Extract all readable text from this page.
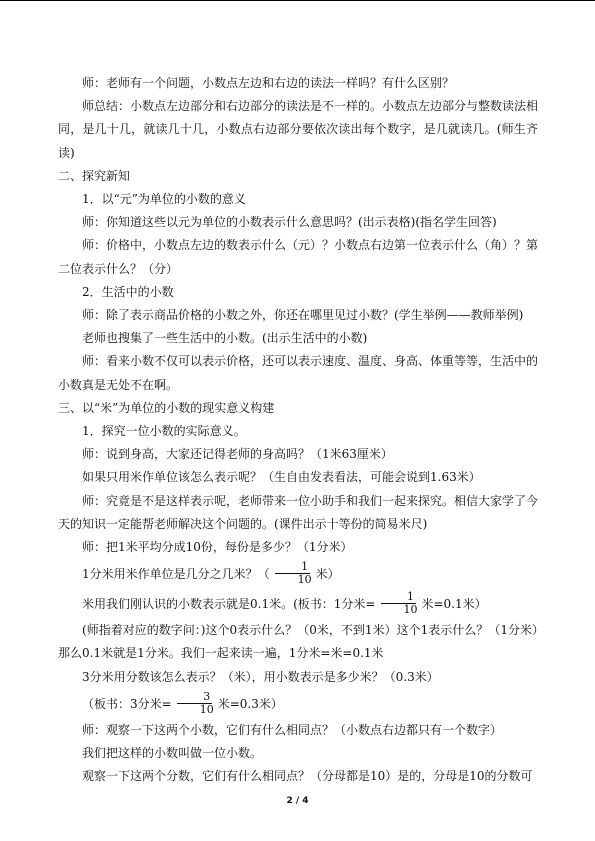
师：老师有一个问题，小数点左边和右边的读法一样吗？有什么区别？

师总结：小数点左边部分和右边部分的读法是不一样的。小数点左边部分与整数读法相同，是几十几，就读几十几，小数点右边部分要依次读出每个数字，是几就读几。(师生齐读)

二、探究新知

1．以“元”为单位的小数的意义

师：你知道这些以元为单位的小数表示什么意思吗？(出示表格)(指名学生回答)

师：价格中，小数点左边的数表示什么（元）？小数点右边第一位表示什么（角）？第二位表示什么？（分）

2．生活中的小数

师：除了表示商品价格的小数之外，你还在哪里见过小数？(学生举例——教师举例)

老师也搜集了一些生活中的小数。(出示生活中的小数)

师：看来小数不仅可以表示价格，还可以表示速度、温度、身高、体重等等，生活中的小数真是无处不在啊。

三、以“米”为单位的小数的现实意义构建

1．探究一位小数的实际意义。

师：说到身高，大家还记得老师的身高吗？（1米63厘米）

如果只用米作单位该怎么表示呢？（生自由发表看法，可能会说到1.63米）

师：究竟是不是这样表示呢，老师带来一位小助手和我们一起来探究。相信大家学了今天的知识一定能帮老师解决这个问题的。(课件出示十等份的简易米尺)

师：把1米平均分成10份，每份是多少？（1分米）

1分米用米作单位是几分之几米？（ $\frac{1}{10}$ 米）

米用我们刚认识的小数表示就是0.1米。(板书：1分米= $\frac{1}{10}$ 米=0.1米）

(师指着对应的数字问：)这个0表示什么？（0米，不到1米）这个1表示什么？（1分米）那么0.1米就是1分米。我们一起来读一遍，1分米=米=0.1米

3分米用分数该怎么表示？（米），用小数表示是多少米？（0.3米）

（板书：3分米= $\frac{3}{10}$ 米=0.3米）

师：观察一下这两个小数，它们有什么相同点？（小数点右边都只有一个数字）

我们把这样的小数叫做一位小数。

观察一下这两个分数，它们有什么相同点？（分母都是10）是的，分母是10的分数可

2 / 4
